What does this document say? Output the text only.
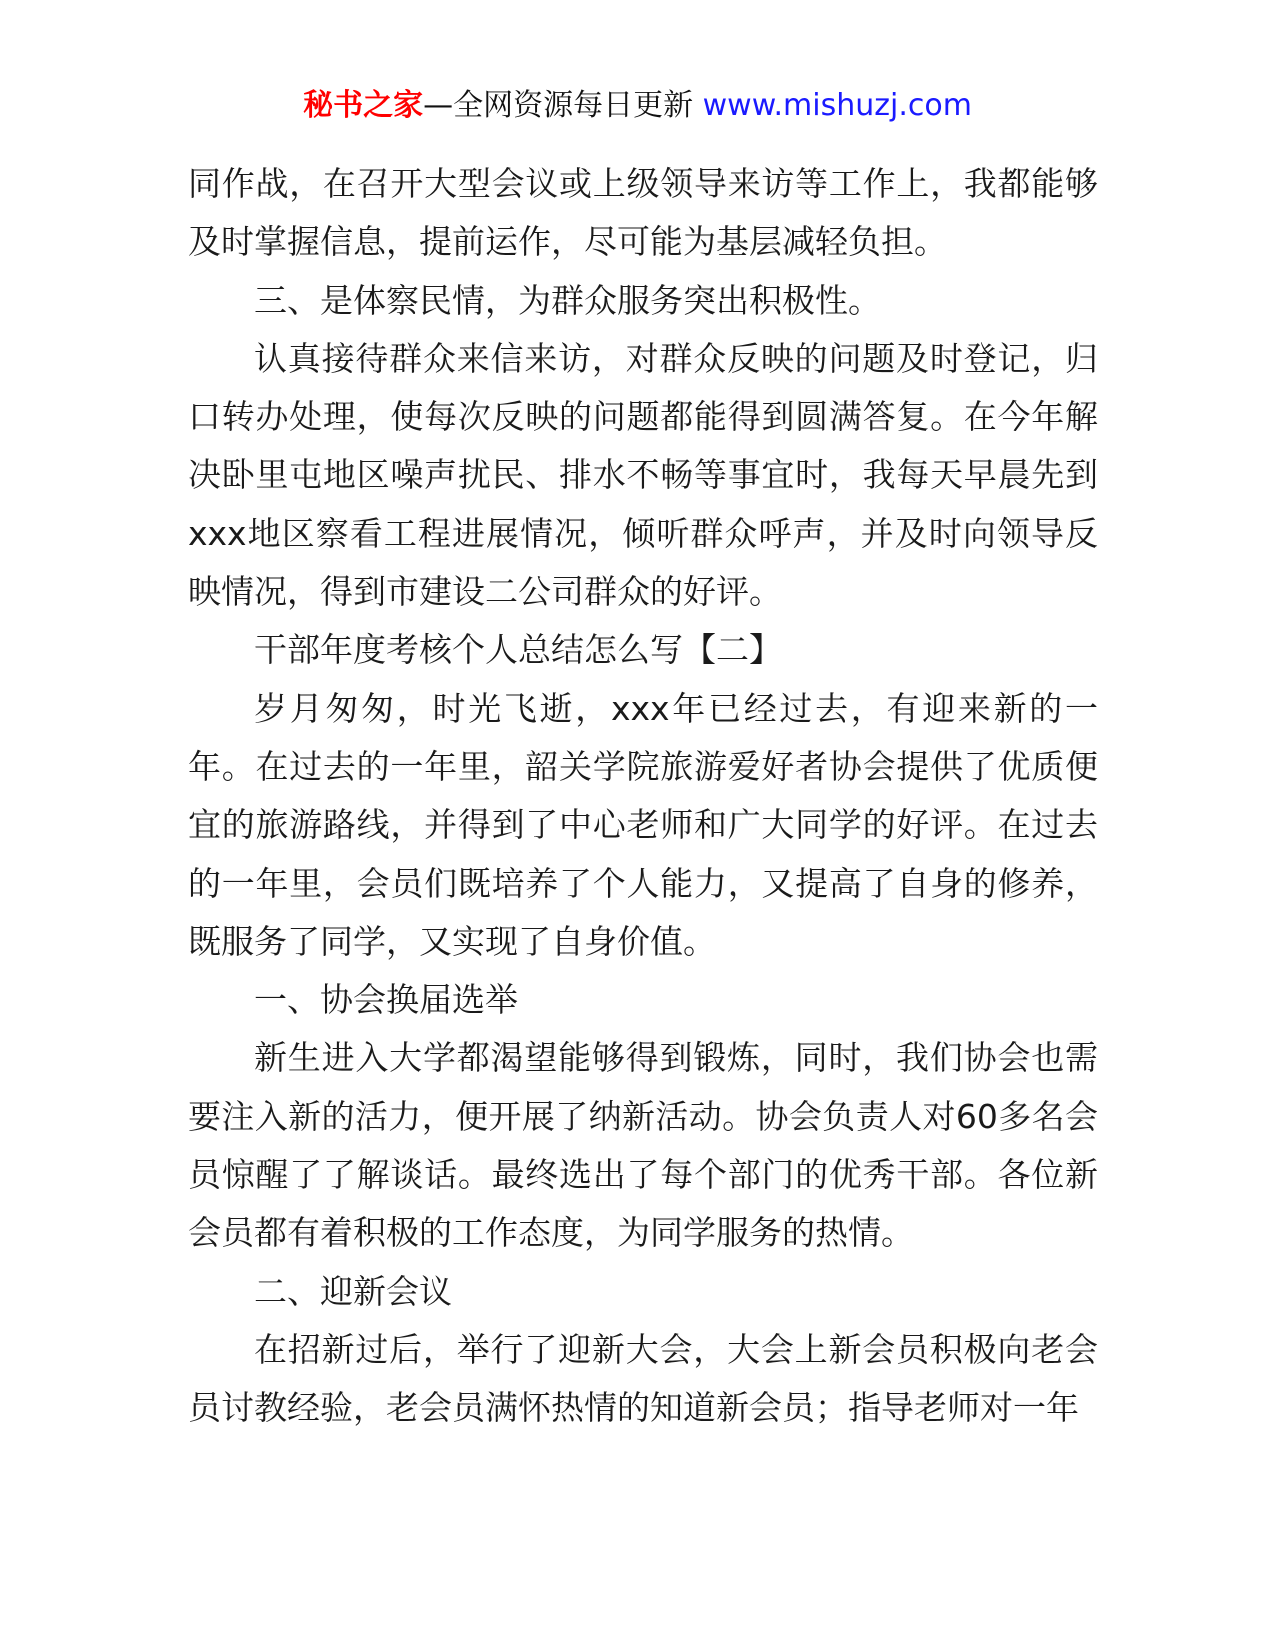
秘书之家—全网资源每日更新 www.mishuzj.com

同作战，在召开大型会议或上级领导来访等工作上，我都能够及时掌握信息，提前运作，尽可能为基层减轻负担。

三、是体察民情，为群众服务突出积极性。

认真接待群众来信来访，对群众反映的问题及时登记，归口转办处理，使每次反映的问题都能得到圆满答复。在今年解决卧里屯地区噪声扰民、排水不畅等事宜时，我每天早晨先到xxx地区察看工程进展情况，倾听群众呼声，并及时向领导反映情况，得到市建设二公司群众的好评。

干部年度考核个人总结怎么写【二】

岁月匆匆，时光飞逝，xxx年已经过去，有迎来新的一年。在过去的一年里，韶关学院旅游爱好者协会提供了优质便宜的旅游路线，并得到了中心老师和广大同学的好评。在过去的一年里，会员们既培养了个人能力，又提高了自身的修养，既服务了同学，又实现了自身价值。

一、协会换届选举

新生进入大学都渴望能够得到锻炼，同时，我们协会也需要注入新的活力，便开展了纳新活动。协会负责人对60多名会员惊醒了了解谈话。最终选出了每个部门的优秀干部。各位新会员都有着积极的工作态度，为同学服务的热情。

二、迎新会议

在招新过后，举行了迎新大会，大会上新会员积极向老会员讨教经验，老会员满怀热情的知道新会员；指导老师对一年
